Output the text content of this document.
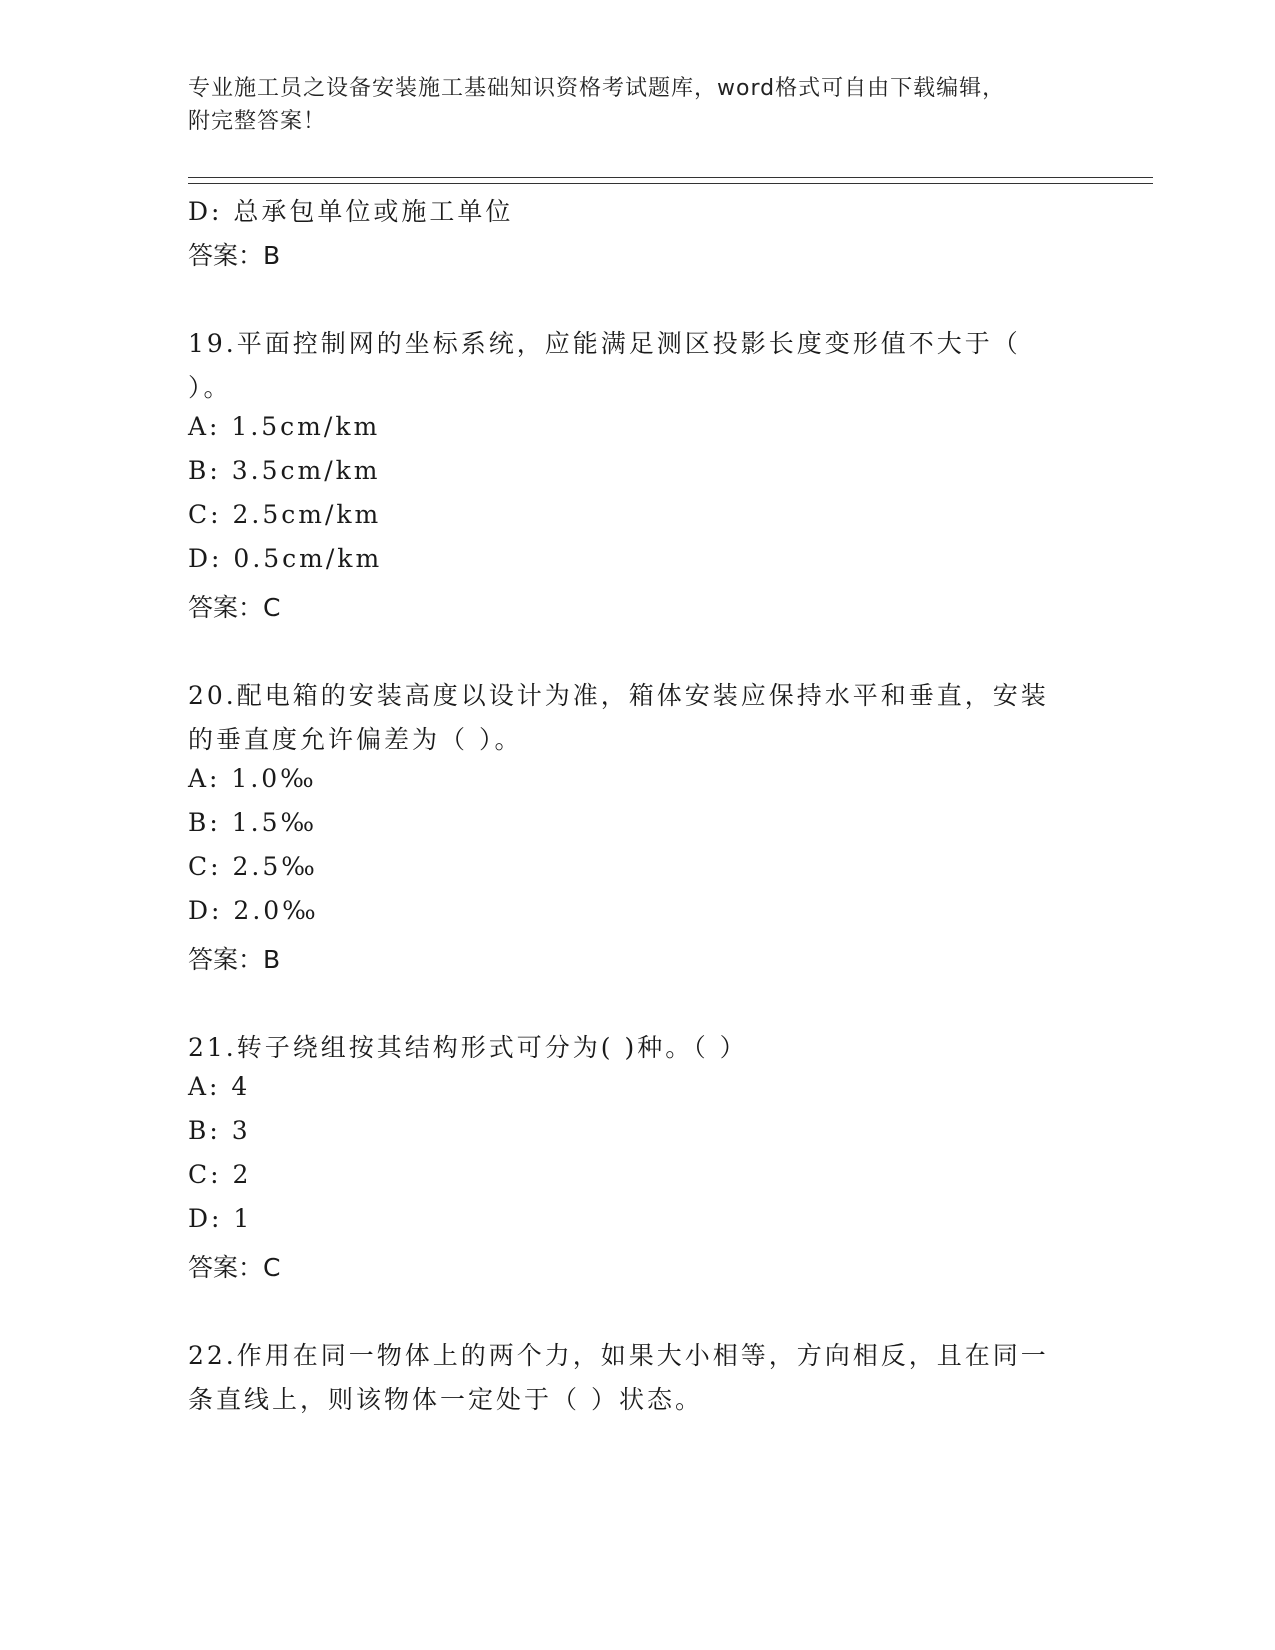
专业施工员之设备安装施工基础知识资格考试题库，word格式可自由下载编辑，
附完整答案！
D: 总承包单位或施工单位
答案：B
19.平面控制网的坐标系统，应能满足测区投影长度变形值不大于（
）。
A: 1.5cm/km
B: 3.5cm/km
C: 2.5cm/km
D: 0.5cm/km
答案：C
20.配电箱的安装高度以设计为准，箱体安装应保持水平和垂直，安装
的垂直度允许偏差为（ ）。
A: 1.0‰
B: 1.5‰
C: 2.5‰
D: 2.0‰
答案：B
21.转子绕组按其结构形式可分为( )种。（ ）
A: 4
B: 3
C: 2
D: 1
答案：C
22.作用在同一物体上的两个力，如果大小相等，方向相反，且在同一
条直线上，则该物体一定处于（ ）状态。
